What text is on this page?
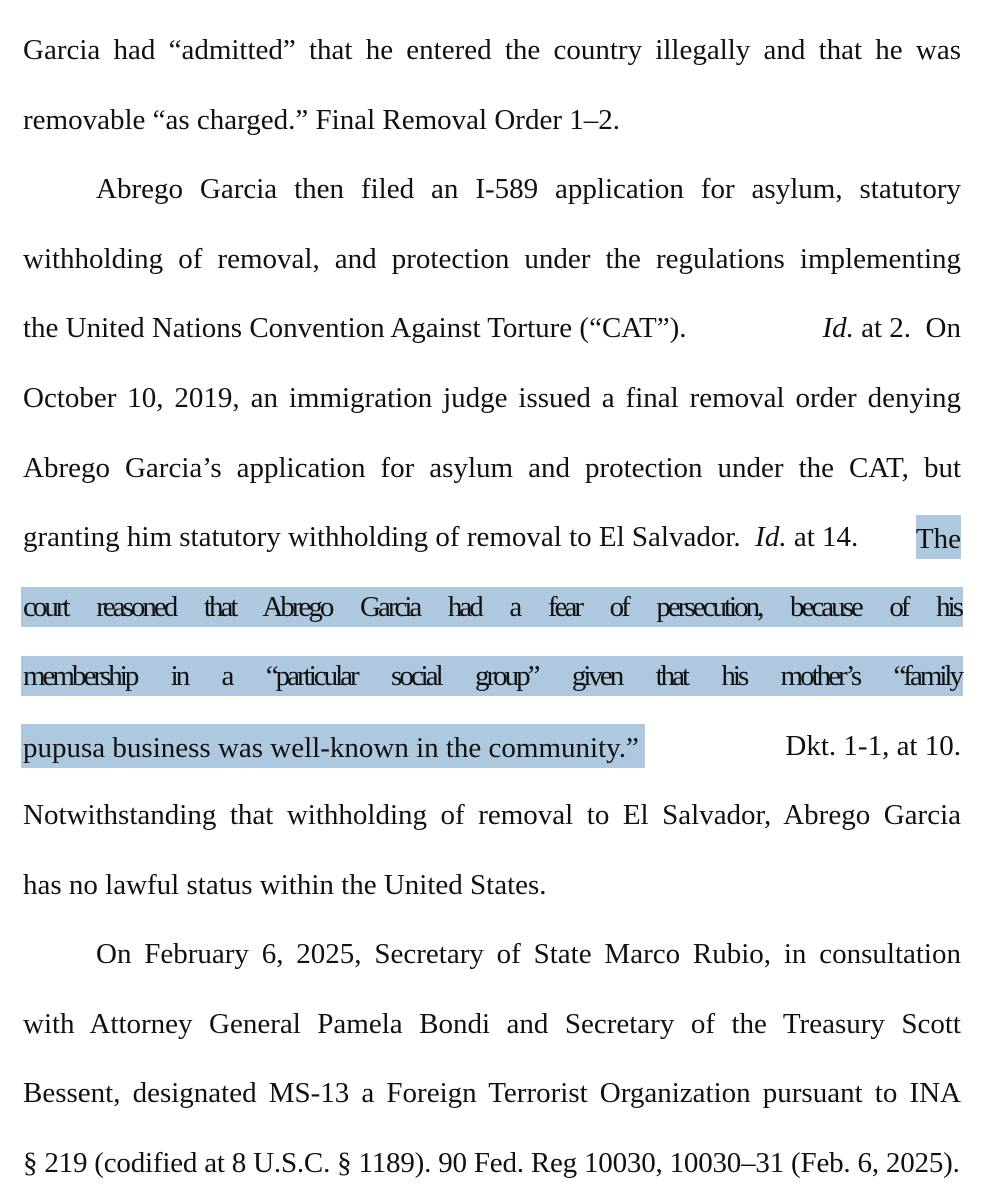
Garcia had “admitted” that he entered the country illegally and that he was
removable “as charged.” Final Removal Order 1–2.
Abrego Garcia then filed an I-589 application for asylum, statutory
withholding of removal, and protection under the regulations implementing
the United Nations Convention Against Torture (“CAT”).	Id. at 2.  On
October 10, 2019, an immigration judge issued a final removal order denying
Abrego Garcia’s application for asylum and protection under the CAT, but
granting him statutory withholding of removal to El Salvador. Id. at 14. The
court reasoned that Abrego Garcia had a fear of persecution, because of his
membership in a “particular social group” given that his mother’s “family
pupusa business was well-known in the community.”	Dkt. 1-1, at 10.
Notwithstanding that withholding of removal to El Salvador, Abrego Garcia
has no lawful status within the United States.
On February 6, 2025, Secretary of State Marco Rubio, in consultation
with Attorney General Pamela Bondi and Secretary of the Treasury Scott
Bessent, designated MS-13 a Foreign Terrorist Organization pursuant to INA
§ 219 (codified at 8 U.S.C. § 1189). 90 Fed. Reg 10030, 10030–31 (Feb. 6, 2025).
